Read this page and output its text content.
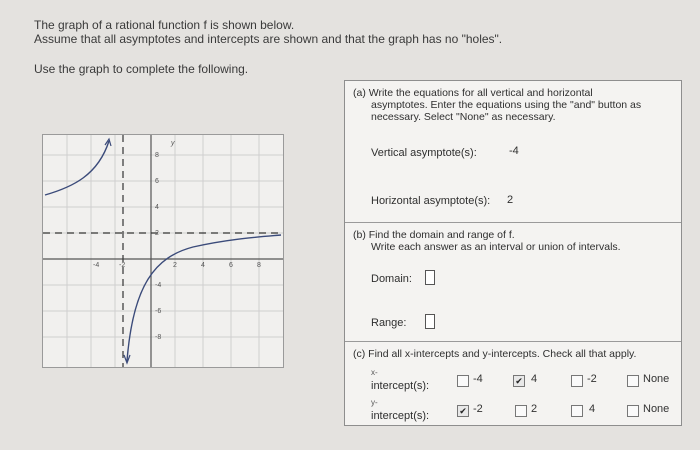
The graph of a rational function f is shown below.
Assume that all asymptotes and intercepts are shown and that the graph has no "holes".
Use the graph to complete the following.
-4	-2	2	4	6	8
8
6
4
2
-4
-6
-8
y
(a) Write the equations for all vertical and horizontal
asymptotes. Enter the equations using the "and" button as
necessary. Select "None" as necessary.
Vertical asymptote(s):	-4
Horizontal asymptote(s): 2
(b) Find the domain and range of f.
Write each answer as an interval or union of intervals.
Domain:
Range:
(c) Find all x-intercepts and y-intercepts. Check all that apply.
x-
intercept(s):
-4	✔ 4	-2	None
y-
intercept(s):	✔ -2	2	4	None
